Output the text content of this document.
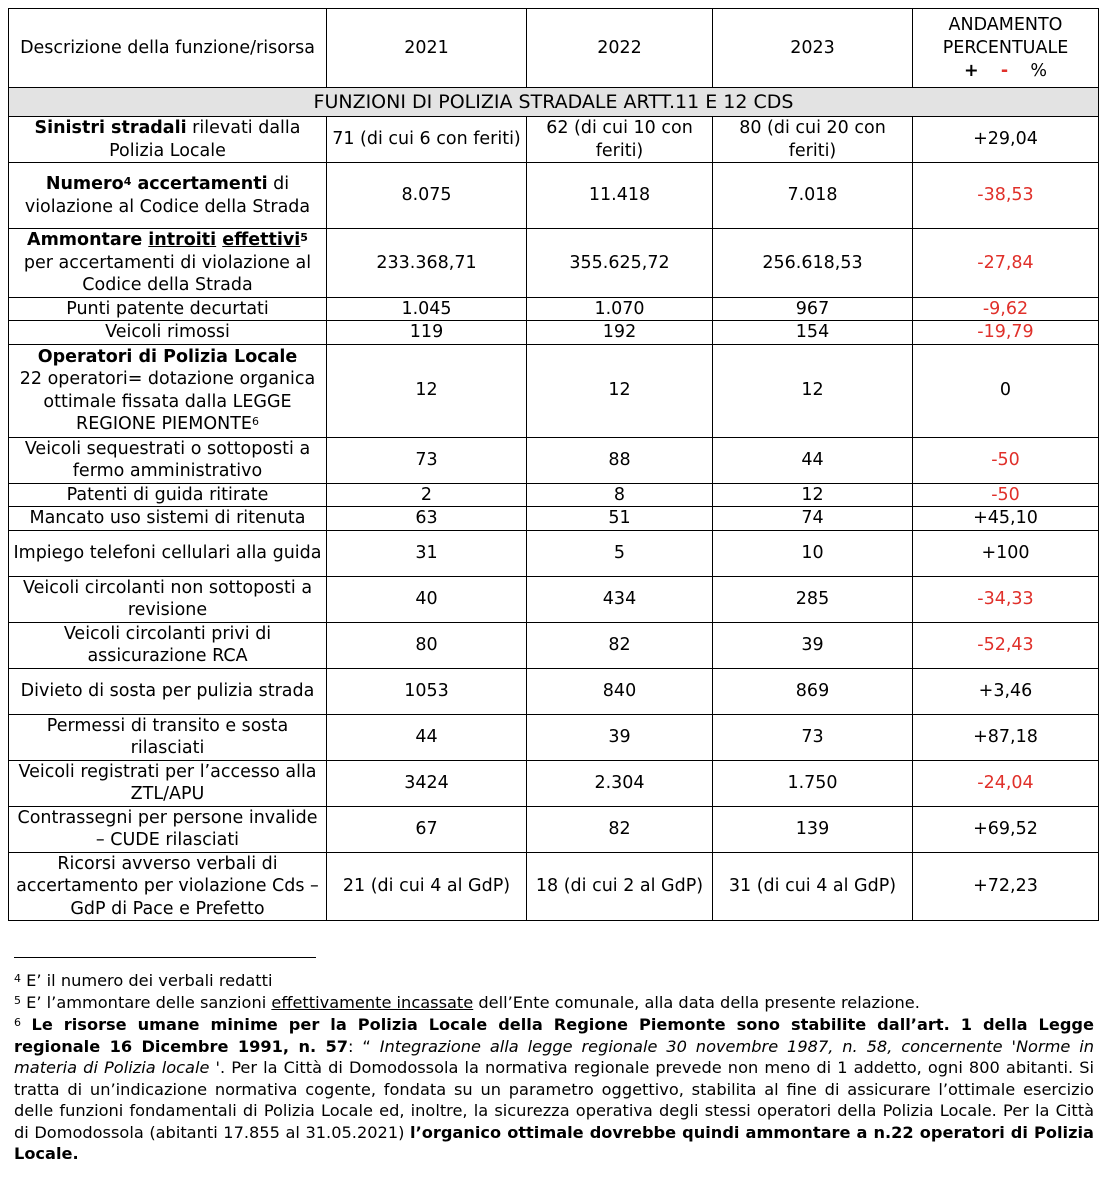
Descrizione della funzione/risorsa	2021	2022	2023	ANDAMENTO
PERCENTUALE
+ - %

FUNZIONI DI POLIZIA STRADALE ARTT.11 E 12 CDS				
Sinistri stradali rilevati dalla Polizia Locale	71 (di cui 6 con feriti)	62 (di cui 10 con feriti)	80 (di cui 20 con feriti)	+29,04
Numero$^4$ accertamenti di violazione al Codice della Strada	8.075	11.418	7.018	-38,53

Ammontare introiti effettivi$^5$
per accertamenti di violazione al Codice della Strada	233.368,71	355.625,72	256.618,53	-27,84
Punti patente decurtati	1.045	1.070	967	-9,62
Veicoli rimossi	119	192	154	-19,79

Operatori di Polizia Locale
22 operatori= dotazione organica ottimale fissata dalla LEGGE REGIONE PIEMONTE$^6$	12	12	12	0
Veicoli sequestrati o sottoposti a fermo amministrativo	73	88	44	-50
Patenti di guida ritirate	2	8	12	-50
Mancato uso sistemi di ritenuta	63	51	74	+45,10
Impiego telefoni cellulari alla guida	31	5	10	+100
Veicoli circolanti non sottoposti a revisione	40	434	285	-34,33
Veicoli circolanti privi di assicurazione RCA	80	82	39	-52,43
Divieto di sosta per pulizia strada	1053	840	869	+3,46
Permessi di transito e sosta rilasciati	44	39	73	+87,18
Veicoli registrati per l’accesso alla ZTL/APU	3424	2.304	1.750	-24,04
Contrassegni per persone invalide – CUDE rilasciati	67	82	139	+69,52
Ricorsi avverso verbali di accertamento per violazione Cds – GdP di Pace e Prefetto	21 (di cui 4 al GdP)	18 (di cui 2 al GdP)	31 (di cui 4 al GdP)	+72,23
$^4$ E’ il numero dei verbali redatti
$^5$ E’ l’ammontare delle sanzioni effettivamente incassate dell’Ente comunale, alla data della presente relazione.
$^6$ Le risorse umane minime per la Polizia Locale della Regione Piemonte sono stabilite dall’art. 1 della Legge regionale 16 Dicembre 1991, n. 57: “ Integrazione alla legge regionale 30 novembre 1987, n. 58, concernente 'Norme in materia di Polizia locale '. Per la Città di Domodossola la normativa regionale prevede non meno di 1 addetto, ogni 800 abitanti. Si tratta di un’indicazione normativa cogente, fondata su un parametro oggettivo, stabilita al fine di assicurare l’ottimale esercizio delle funzioni fondamentali di Polizia Locale ed, inoltre, la sicurezza operativa degli stessi operatori della Polizia Locale. Per la Città di Domodossola (abitanti 17.855 al 31.05.2021) l’organico ottimale dovrebbe quindi ammontare a n.22 operatori di Polizia Locale.
